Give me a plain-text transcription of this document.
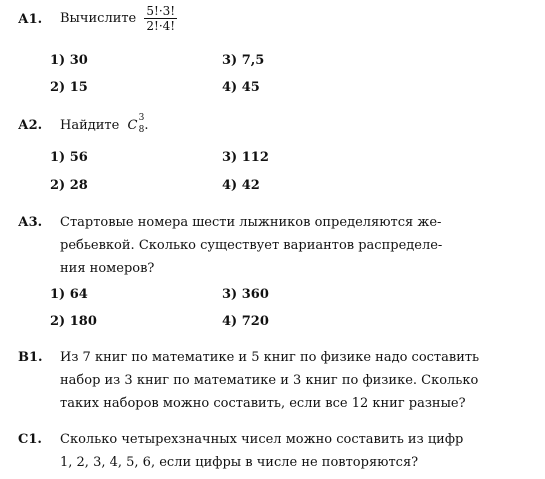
А1. Вычислите $\frac{5!\cdot 3!}{2!\cdot 4!}$
1) 30	3) 7,5
2) 15	4) 45
А2. Найдите C 3
8 .
1) 56	3) 112
2) 28	4) 42
А3. Стартовые номера шести лыжников определяются же-
ребьевкой. Сколько существует вариантов распределе-
ния номеров?
1) 64	3) 360
2) 180	4) 720
В1. Из 7 книг по математике и 5 книг по физике надо составить
набор из 3 книг по математике и 3 книг по физике. Сколько
таких наборов можно составить, если все 12 книг разные?
С1. Сколько четырехзначных чисел можно составить из цифр
1, 2, 3, 4, 5, 6, если цифры в числе не повторяются?
